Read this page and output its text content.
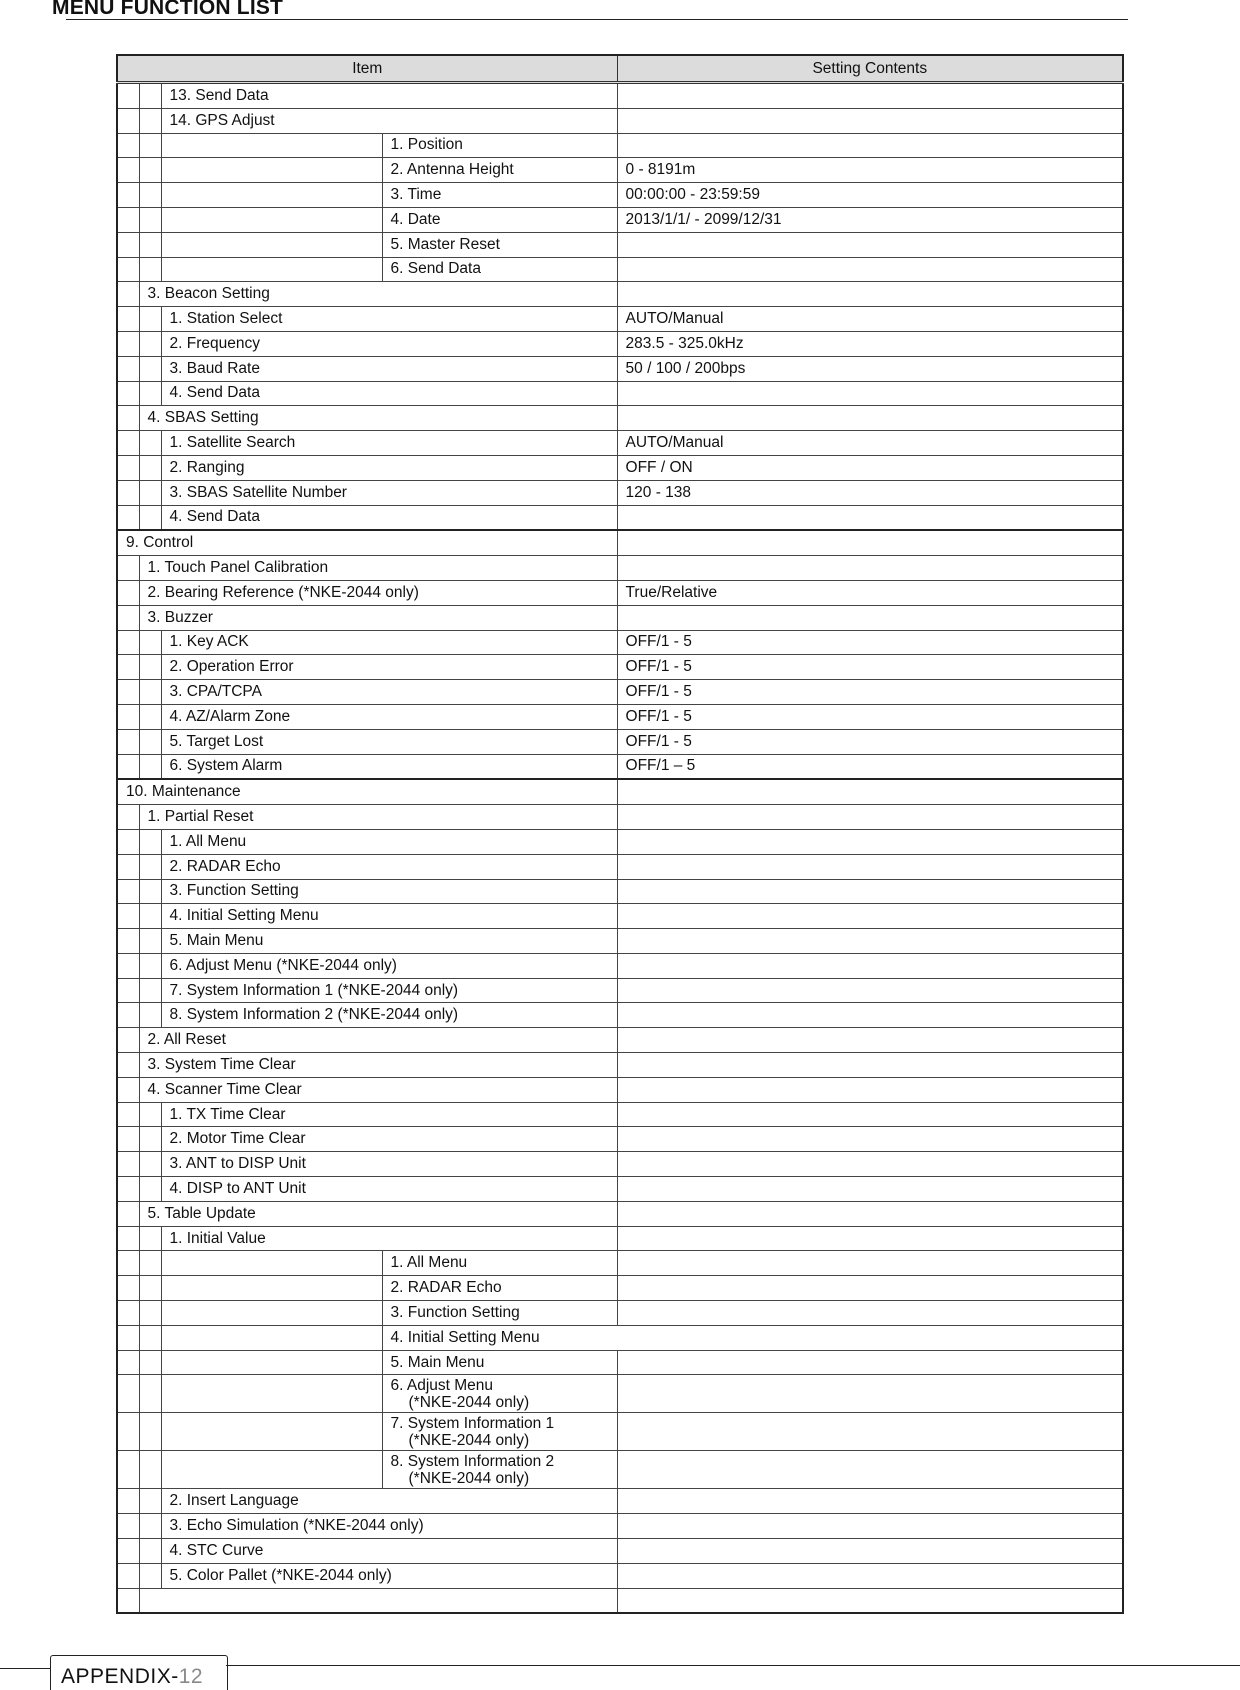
MENU FUNCTION LIST
Item				Setting Contents
		13. Send Data		
		14. GPS Adjust		
			1. Position	
			2. Antenna Height	0 - 8191m
			3. Time	00:00:00 - 23:59:59
			4. Date	2013/1/1/ - 2099/12/31
			5. Master Reset	
			6. Send Data	
	3. Beacon Setting			
		1. Station Select		AUTO/Manual
		2. Frequency		283.5 - 325.0kHz
		3. Baud Rate		50 / 100 / 200bps
		4. Send Data		
	4. SBAS Setting			
		1. Satellite Search		AUTO/Manual
		2. Ranging		OFF / ON
		3. SBAS Satellite Number		120 - 138
		4. Send Data		
9. Control				
	1. Touch Panel Calibration			
	2. Bearing Reference (*NKE-2044 only)			True/Relative
	3. Buzzer			
		1. Key ACK		OFF/1 - 5
		2. Operation Error		OFF/1 - 5
		3. CPA/TCPA		OFF/1 - 5
		4. AZ/Alarm Zone		OFF/1 - 5
		5. Target Lost		OFF/1 - 5
		6. System Alarm		OFF/1 – 5
10. Maintenance				
	1. Partial Reset			
		1. All Menu		
		2. RADAR Echo		
		3. Function Setting		
		4. Initial Setting Menu		
		5. Main Menu		
		6. Adjust Menu (*NKE-2044 only)		
		7. System Information 1 (*NKE-2044 only)		
		8. System Information 2 (*NKE-2044 only)		
	2. All Reset			
	3. System Time Clear			
	4. Scanner Time Clear			
		1. TX Time Clear		
		2. Motor Time Clear		
		3. ANT to DISP Unit		
		4. DISP to ANT Unit		
	5. Table Update			
		1. Initial Value		
			1. All Menu	
			2. RADAR Echo	
			3. Function Setting	
			4. Initial Setting Menu	
			5. Main Menu	

			6. Adjust Menu
(*NKE-2044 only)	

			7. System Information 1
(*NKE-2044 only)	

			8. System Information 2
(*NKE-2044 only)	

		2. Insert Language		
		3. Echo Simulation (*NKE-2044 only)		
		4. STC Curve		
		5. Color Pallet (*NKE-2044 only)		

APPENDIX-12
